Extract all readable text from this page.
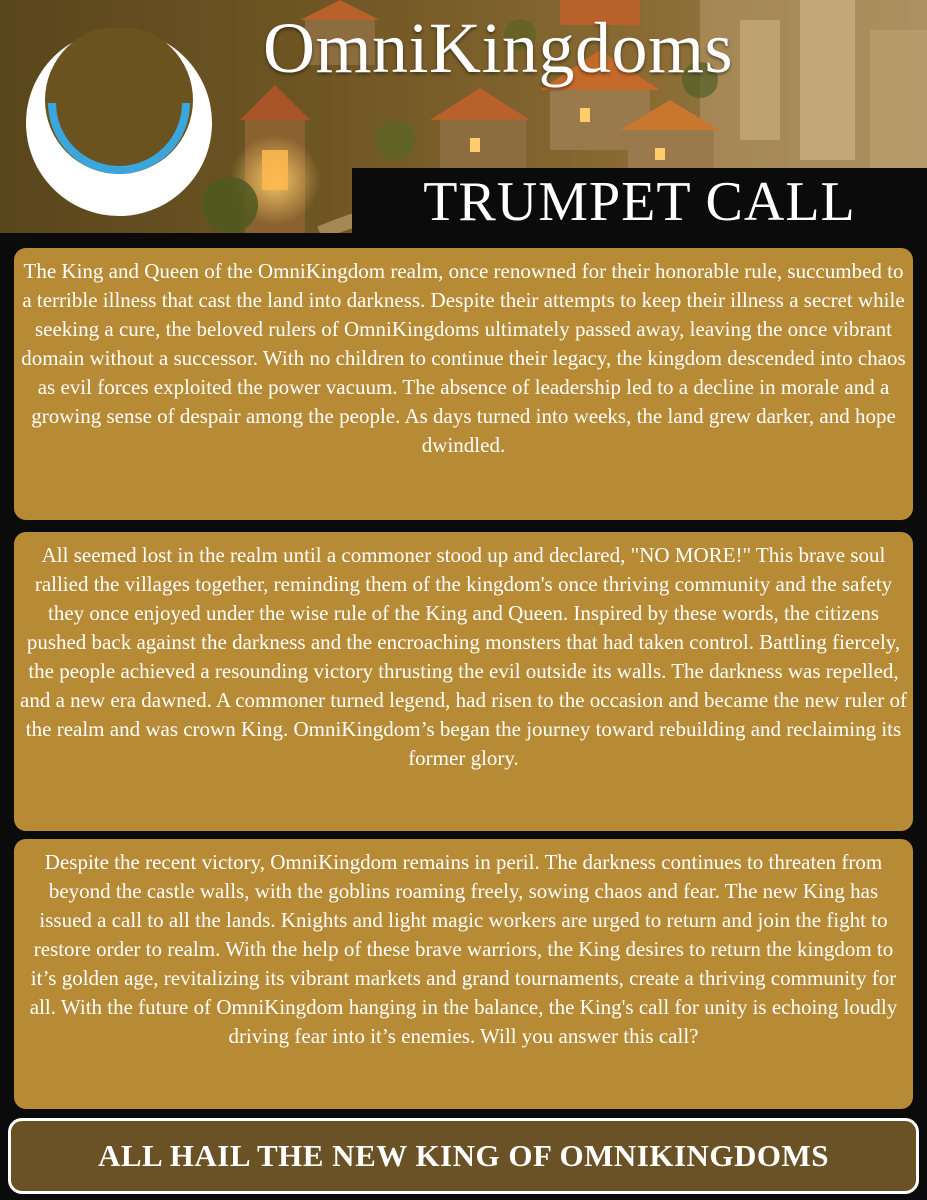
OmniKingdoms
TRUMPET CALL

The King and Queen of the OmniKingdom realm, once renowned for their honorable rule, succumbed to a terrible illness that cast the land into darkness. Despite their attempts to keep their illness a secret while seeking a cure, the beloved rulers of OmniKingdoms ultimately passed away, leaving the once vibrant domain without a successor. With no children to continue their legacy, the kingdom descended into chaos as evil forces exploited the power vacuum. The absence of leadership led to a decline in morale and a growing sense of despair among the people. As days turned into weeks, the land grew darker, and hope dwindled.

All seemed lost in the realm until a commoner stood up and declared, "NO MORE!" This brave soul rallied the villages together, reminding them of the kingdom's once thriving community and the safety they once enjoyed under the wise rule of the King and Queen. Inspired by these words, the citizens pushed back against the darkness and the encroaching monsters that had taken control. Battling fiercely, the people achieved a resounding victory thrusting the evil outside its walls. The darkness was repelled, and a new era dawned. A commoner turned legend, had risen to the occasion and became the new ruler of the realm and was crown King. OmniKingdom’s began the journey toward rebuilding and reclaiming its former glory.

Despite the recent victory, OmniKingdom remains in peril. The darkness continues to threaten from beyond the castle walls, with the goblins roaming freely, sowing chaos and fear. The new King has issued a call to all the lands. Knights and light magic workers are urged to return and join the fight to restore order to realm. With the help of these brave warriors, the King desires to return the kingdom to it’s golden age, revitalizing its vibrant markets and grand tournaments, create a thriving community for all. With the future of OmniKingdom hanging in the balance, the King's call for unity is echoing loudly driving fear into it’s enemies. Will you answer this call?

ALL HAIL THE NEW KING OF OMNIKINGDOMS
